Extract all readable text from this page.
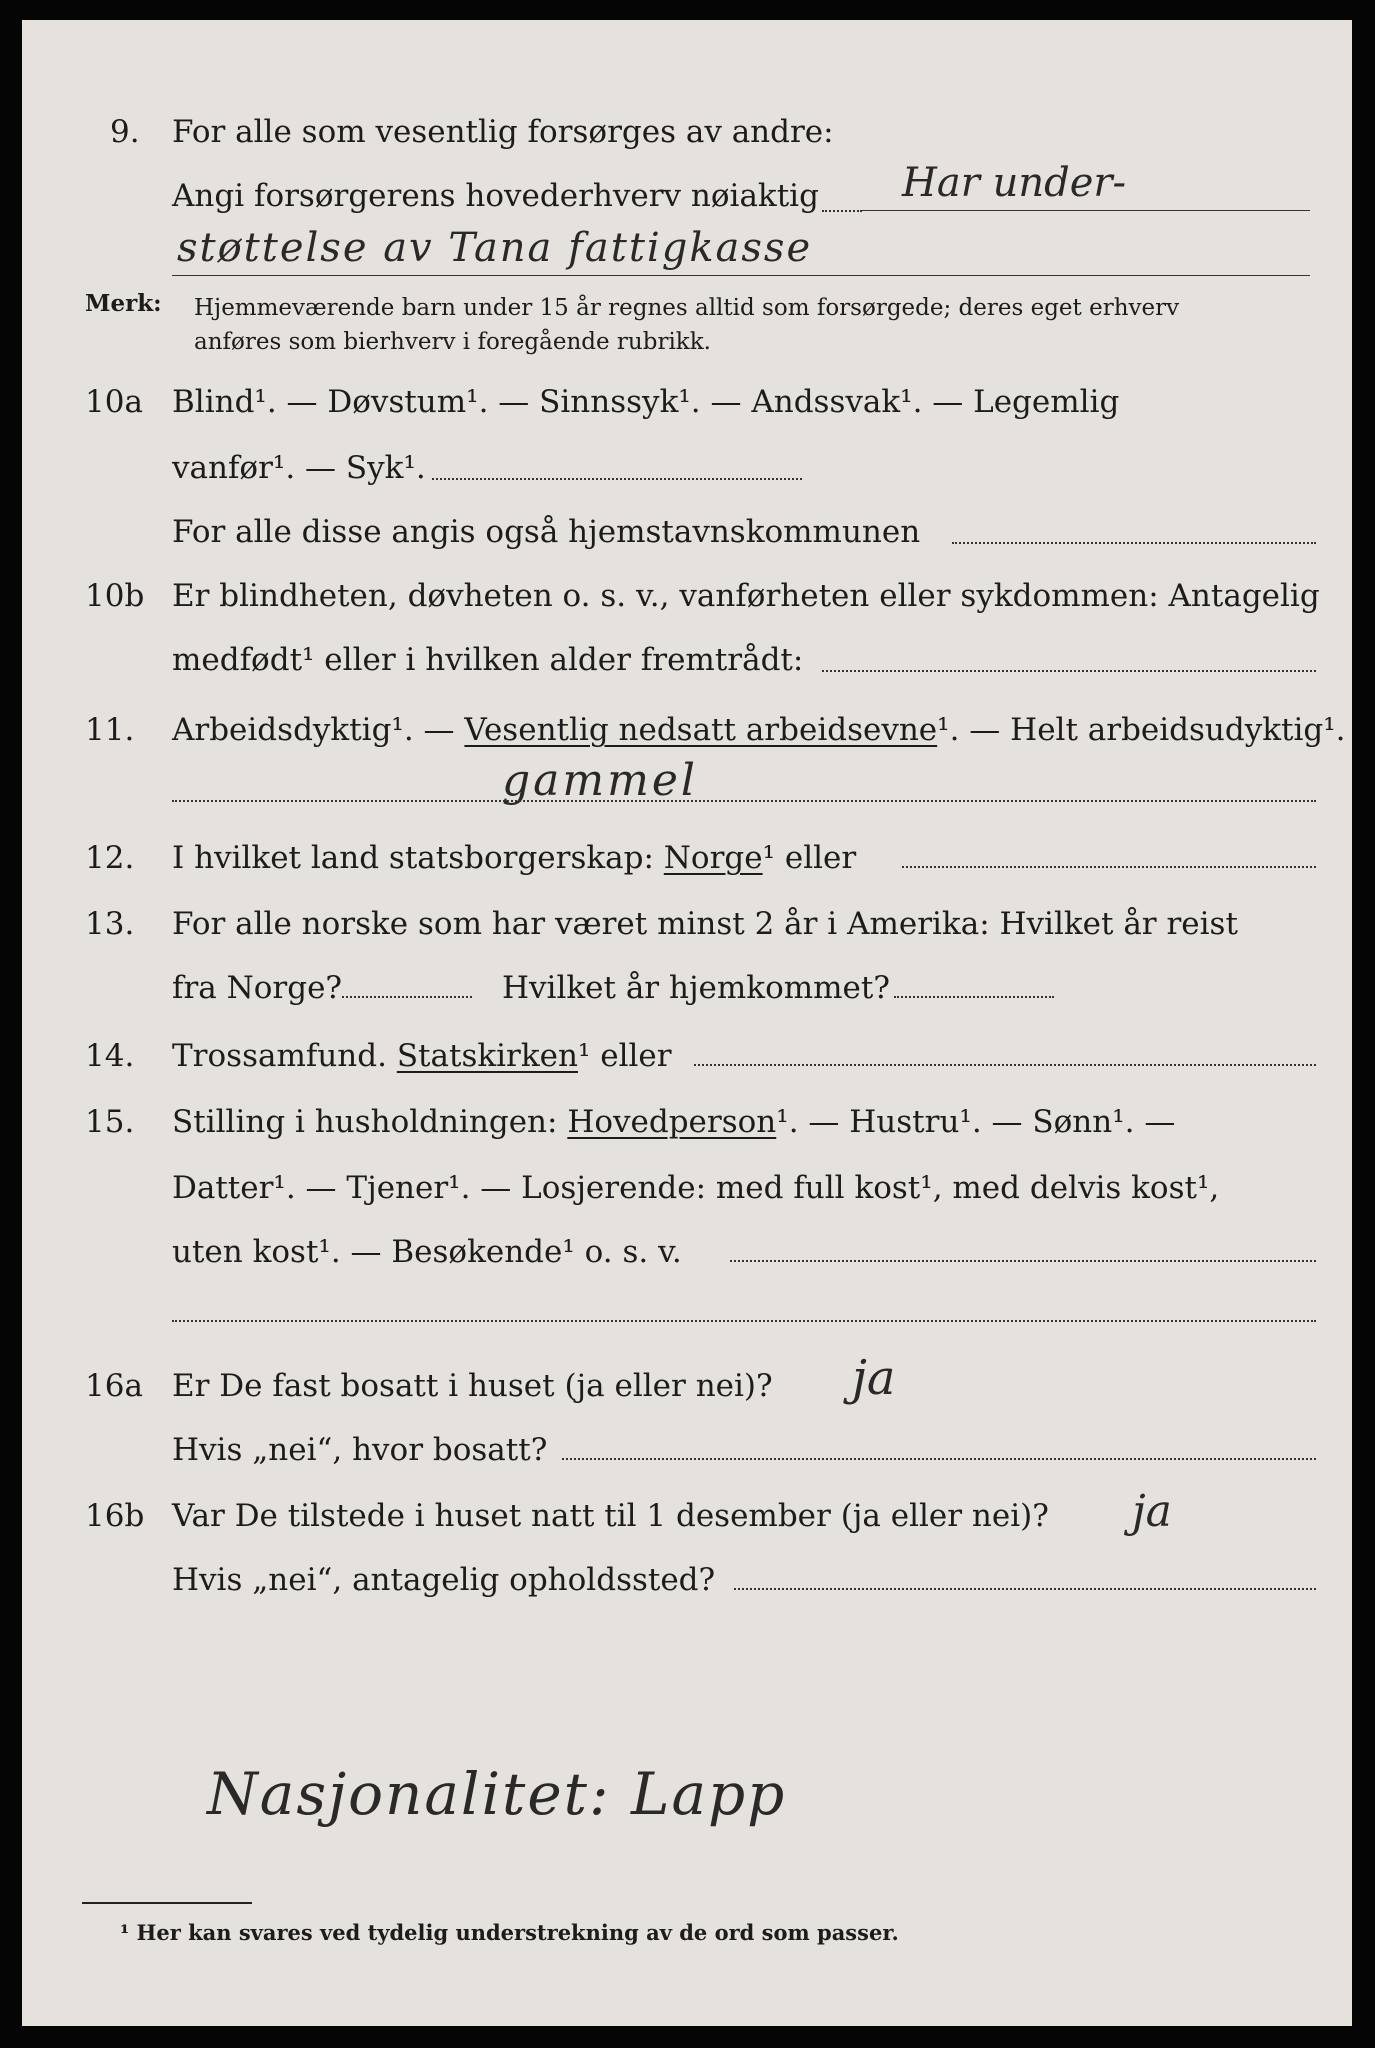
9.	For alle som vesentlig forsørges av andre:
Angi forsørgerens hovederhverv nøiaktig Har under-
støttelse av Tana fattigkasse
Merk: Hjemmeværende barn under 15 år regnes alltid som forsørgede; deres eget erhverv
anføres som bierhverv i foregående rubrikk.
10a Blind¹. — Døvstum¹. — Sinnssyk¹. — Andssvak¹. — Legemlig
vanfør¹. — Syk¹.
For alle disse angis også hjemstavnskommunen
10b Er blindheten, døvheten o. s. v., vanførheten eller sykdommen: Antagelig
medfødt¹ eller i hvilken alder fremtrådt:
11.	Arbeidsdyktig¹. — Vesentlig nedsatt arbeidsevne¹. — Helt arbeidsudyktig¹.
gammel
12.	I hvilket land statsborgerskap: Norge¹ eller
13.	For alle norske som har været minst 2 år i Amerika: Hvilket år reist
fra Norge?	Hvilket år hjemkommet?
14.	Trossamfund. Statskirken¹ eller
15.	Stilling i husholdningen: Hovedperson¹. — Hustru¹. — Sønn¹. —
Datter¹. — Tjener¹. — Losjerende: med full kost¹, med delvis kost¹,
uten kost¹. — Besøkende¹ o. s. v.
16a Er De fast bosatt i huset (ja eller nei)? ja
Hvis „nei“, hvor bosatt?
16b Var De tilstede i huset natt til 1 desember (ja eller nei)? ja
Hvis „nei“, antagelig opholdssted?
Nasjonalitet: Lapp
¹ Her kan svares ved tydelig understrekning av de ord som passer.
